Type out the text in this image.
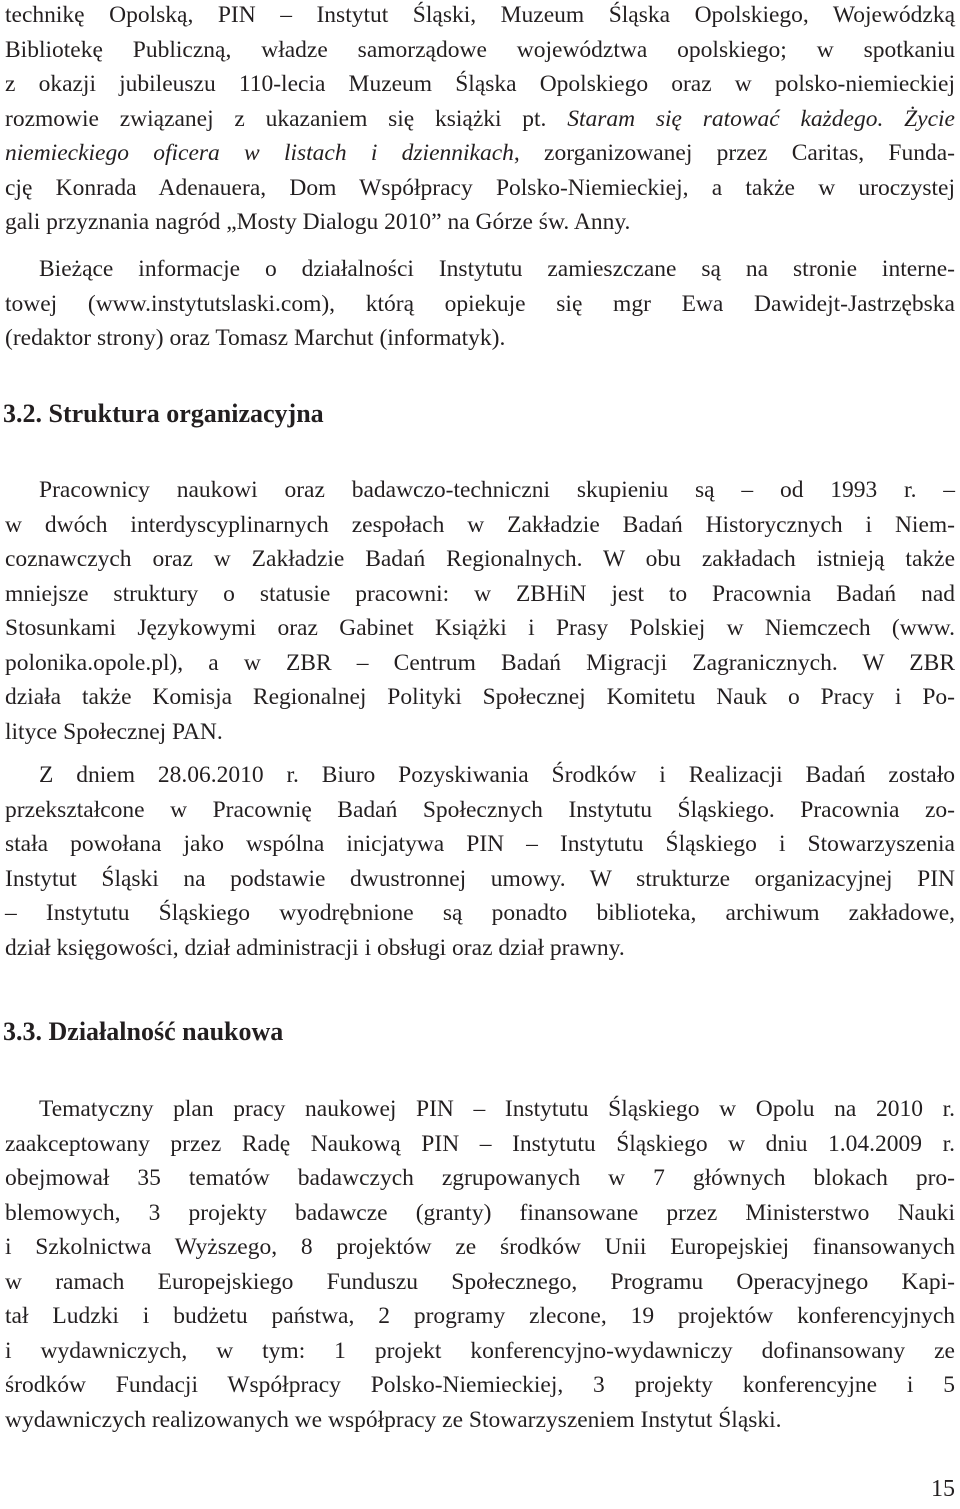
technikę Opolską, PIN – Instytut Śląski, Muzeum Śląska Opolskiego, Wojewódzką
Bibliotekę Publiczną, władze samorządowe województwa opolskiego; w spotkaniu
z okazji jubileuszu 110-lecia Muzeum Śląska Opolskiego oraz w polsko-niemieckiej
rozmowie związanej z ukazaniem się książki pt. Staram się ratować każdego. Życie
niemieckiego oficera w listach i dziennikach, zorganizowanej przez Caritas, Funda-
cję Konrada Adenauera, Dom Współpracy Polsko-Niemieckiej, a także w uroczystej
gali przyznania nagród „Mosty Dialogu 2010” na Górze św. Anny.
Bieżące informacje o działalności Instytutu zamieszczane są na stronie interne-
towej (www.instytutslaski.com), którą opiekuje się mgr Ewa Dawidejt-Jastrzębska
(redaktor strony) oraz Tomasz Marchut (informatyk).
3.2. Struktura organizacyjna
Pracownicy naukowi oraz badawczo-techniczni skupieniu są – od 1993 r. –
w dwóch interdyscyplinarnych zespołach w Zakładzie Badań Historycznych i Niem-
coznawczych oraz w Zakładzie Badań Regionalnych. W obu zakładach istnieją także
mniejsze struktury o statusie pracowni: w ZBHiN jest to Pracownia Badań nad
Stosunkami Językowymi oraz Gabinet Książki i Prasy Polskiej w Niemczech (www.
polonika.opole.pl), a w ZBR – Centrum Badań Migracji Zagranicznych. W ZBR
działa także Komisja Regionalnej Polityki Społecznej Komitetu Nauk o Pracy i Po-
lityce Społecznej PAN.
Z dniem 28.06.2010 r. Biuro Pozyskiwania Środków i Realizacji Badań zostało
przekształcone w Pracownię Badań Społecznych Instytutu Śląskiego. Pracownia zo-
stała powołana jako wspólna inicjatywa PIN – Instytutu Śląskiego i Stowarzyszenia
Instytut Śląski na podstawie dwustronnej umowy. W strukturze organizacyjnej PIN
– Instytutu Śląskiego wyodrębnione są ponadto biblioteka, archiwum zakładowe,
dział księgowości, dział administracji i obsługi oraz dział prawny.
3.3. Działalność naukowa
Tematyczny plan pracy naukowej PIN – Instytutu Śląskiego w Opolu na 2010 r.
zaakceptowany przez Radę Naukową PIN – Instytutu Śląskiego w dniu 1.04.2009 r.
obejmował 35 tematów badawczych zgrupowanych w 7 głównych blokach pro-
blemowych, 3 projekty badawcze (granty) finansowane przez Ministerstwo Nauki
i Szkolnictwa Wyższego, 8 projektów ze środków Unii Europejskiej finansowanych
w ramach Europejskiego Funduszu Społecznego, Programu Operacyjnego Kapi-
tał Ludzki i budżetu państwa, 2 programy zlecone, 19 projektów konferencyjnych
i wydawniczych, w tym: 1 projekt konferencyjno-wydawniczy dofinansowany ze
środków Fundacji Współpracy Polsko-Niemieckiej, 3 projekty konferencyjne i 5
wydawniczych realizowanych we współpracy ze Stowarzyszeniem Instytut Śląski.
15
